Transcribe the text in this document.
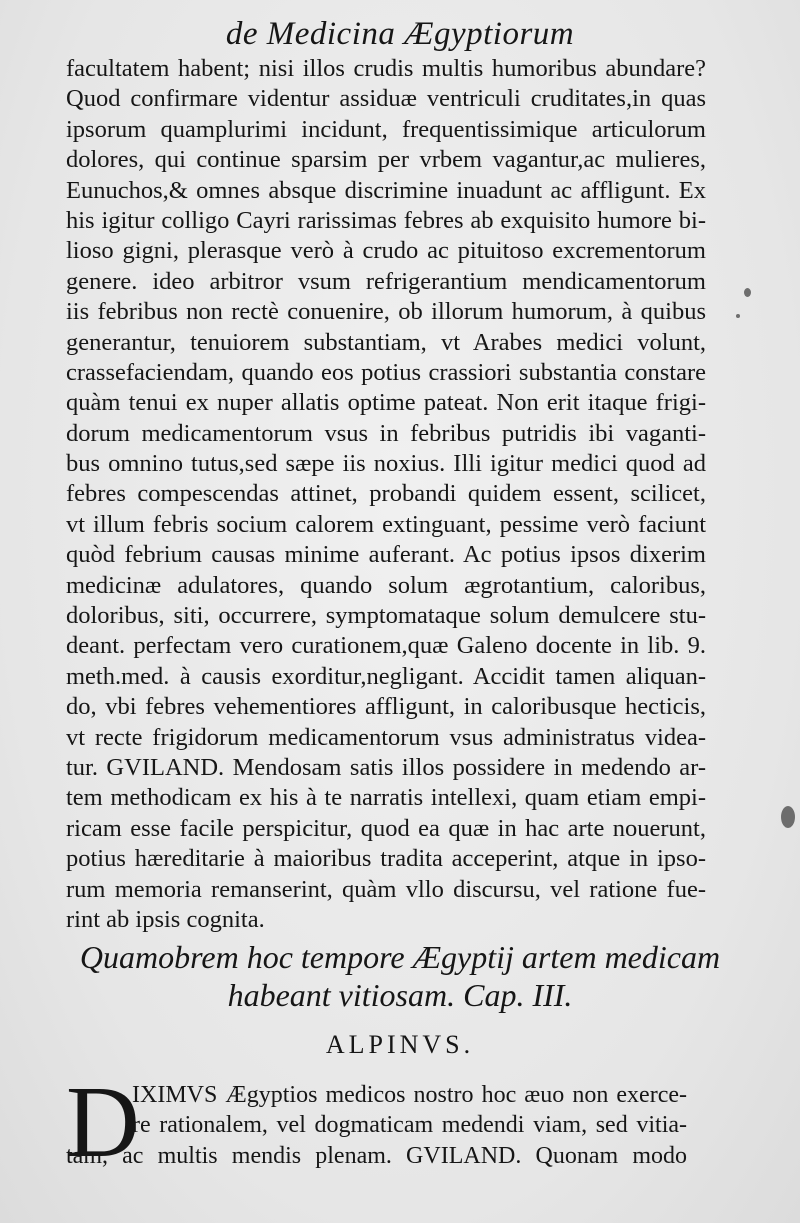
de Medicina Ægyptiorum
facultatem habent; nisi illos crudis multis humoribus abundare?
Quod confirmare videntur assiduæ ventriculi cruditates,in quas
ipsorum quamplurimi incidunt, frequentissimique articulorum
dolores, qui continue sparsim per vrbem vagantur,ac mulieres,
Eunuchos,& omnes absque discrimine inuadunt ac affligunt. Ex
his igitur colligo Cayri rarissimas febres ab exquisito humore bi-
lioso gigni, plerasque verò à crudo ac pituitoso excrementorum
genere. ideo arbitror vsum refrigerantium mendicamentorum
iis febribus non rectè conuenire, ob illorum humorum, à quibus
generantur, tenuiorem substantiam, vt Arabes medici volunt,
crassefaciendam, quando eos potius crassiori substantia constare
quàm tenui ex nuper allatis optime pateat. Non erit itaque frigi-
dorum medicamentorum vsus in febribus putridis ibi vaganti-
bus omnino tutus,sed sæpe iis noxius. Illi igitur medici quod ad
febres compescendas attinet, probandi quidem essent, scilicet,
vt illum febris socium calorem extinguant, pessime verò faciunt
quòd febrium causas minime auferant. Ac potius ipsos dixerim
medicinæ adulatores, quando solum ægrotantium, caloribus,
doloribus, siti, occurrere, symptomataque solum demulcere stu-
deant. perfectam vero curationem,quæ Galeno docente in lib. 9.
meth.med. à causis exorditur,negligant. Accidit tamen aliquan-
do, vbi febres vehementiores affligunt, in caloribusque hecticis,
vt recte frigidorum medicamentorum vsus administratus videa-
tur. GVILAND. Mendosam satis illos possidere in medendo ar-
tem methodicam ex his à te narratis intellexi, quam etiam empi-
ricam esse facile perspicitur, quod ea quæ in hac arte nouerunt,
potius hæreditarie à maioribus tradita acceperint, atque in ipso-
rum memoria remanserint, quàm vllo discursu, vel ratione fue-
rint ab ipsis cognita.
Quamobrem hoc tempore Ægyptij artem medicam
habeant vitiosam. Cap. III.
ALPINVS.
D
IXIMVS Ægyptios medicos nostro hoc æuo non exerce-
re rationalem, vel dogmaticam medendi viam, sed vitia-
tam, ac multis mendis plenam. GVILAND. Quonam modo
